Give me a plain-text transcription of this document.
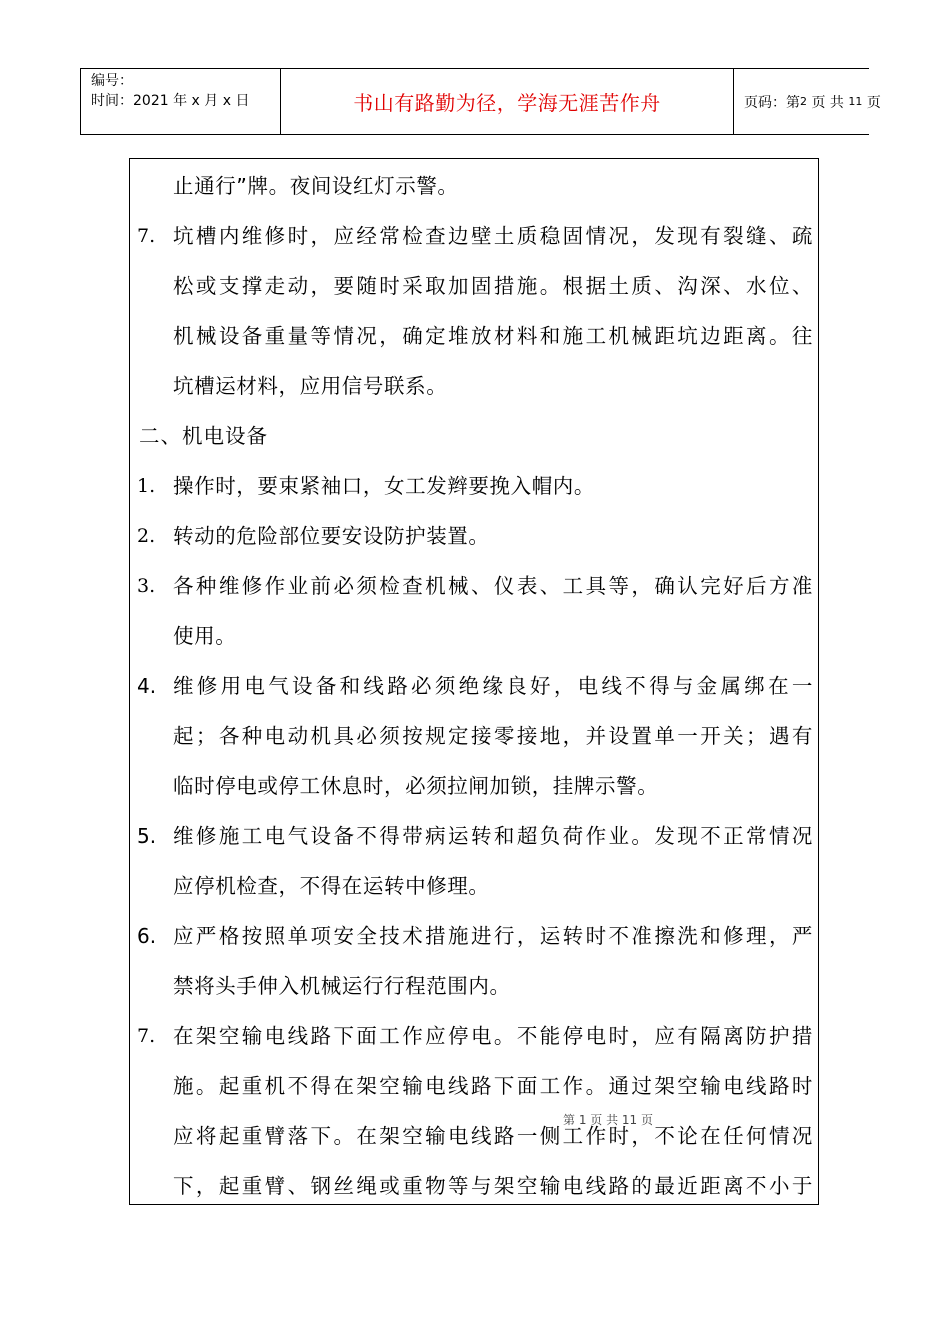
编号：
时间：2021 年 x 月 x 日	书山有路勤为径，学海无涯苦作舟	页码：第 2
页 共
11
页
止通行”牌。夜间设红灯示警。
7. 坑槽内维修时，应经常检查边壁土质稳固情况，发现有裂缝、疏
松或支撑走动，要随时采取加固措施。根据土质、沟深、水位、
机械设备重量等情况，确定堆放材料和施工机械距坑边距离。往
坑槽运材料，应用信号联系。
二、机电设备
1. 操作时，要束紧袖口，女工发辫要挽入帽内。
2. 转动的危险部位要安设防护装置。
3. 各种维修作业前必须检查机械、仪表、工具等，确认完好后方准
使用。
4. 维修用电气设备和线路必须绝缘良好，电线不得与金属绑在一
起；各种电动机具必须按规定接零接地，并设置单一开关；遇有
临时停电或停工休息时，必须拉闸加锁，挂牌示警。
5. 维修施工电气设备不得带病运转和超负荷作业。发现不正常情况
应停机检查，不得在运转中修理。
6. 应严格按照单项安全技术措施进行，运转时不准擦洗和修理，严
禁将头手伸入机械运行行程范围内。
7. 在架空输电线路下面工作应停电。不能停电时，应有隔离防护措
施。起重机不得在架空输电线路下面工作。通过架空输电线路时
应将起重臂落下。在架空输电线路一侧工作时，不论在任何情况
下，起重臂、钢丝绳或重物等与架空输电线路的最近距离不小于
第 1 页 共 11 页
